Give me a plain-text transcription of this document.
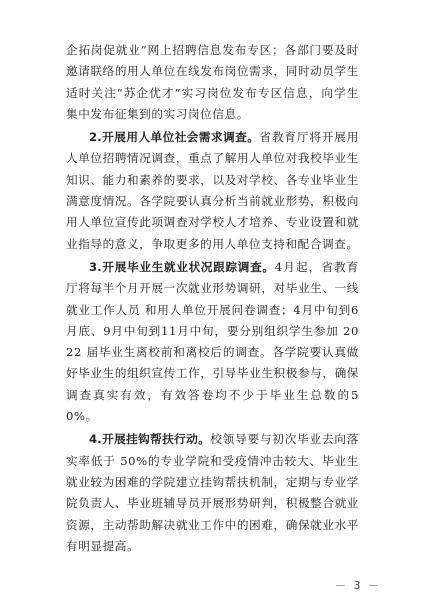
企拓岗促就业”网上招聘信息发布专区；各部门要及时邀请联络的用人单位在线发布岗位需求，同时动员学生适时关注“苏企优才”实习岗位发布专区信息，向学生集中发布征集到的实习岗位信息。

2.开展用人单位社会需求调查。省教育厅将开展用人单位招聘情况调查，重点了解用人单位对我校毕业生知识、能力和素养的要求，以及对学校、各专业毕业生满意度情况。各学院要认真分析当前就业形势，积极向用人单位宣传此项调查对学校人才培养、专业设置和就业指导的意义，争取更多的用人单位支持和配合调查。

3.开展毕业生就业状况跟踪调查。4月起，省教育厅将每半个月开展一次就业形势调研，对毕业生、一线就业工作人员 和用人单位开展问卷调查；4月中旬到6月底、9月中旬到11月中旬，要分别组织学生参加 2022 届毕业生离校前和离校后的调查。各学院要认真做好毕业生的组织宣传工作，引导毕业生积极参与，确保调查真实有效，有效答卷均不少于毕业生总数的50%。

4.开展挂钩帮扶行动。校领导要与初次毕业去向落实率低于 50%的专业学院和受疫情冲击较大、毕业生就业较为困难的学院建立挂钩帮扶机制，定期与专业学院负责人、毕业班辅导员开展形势研判，积极整合就业资源，主动帮助解决就业工作中的困难，确保就业水平有明显提高。

－ 3 －
